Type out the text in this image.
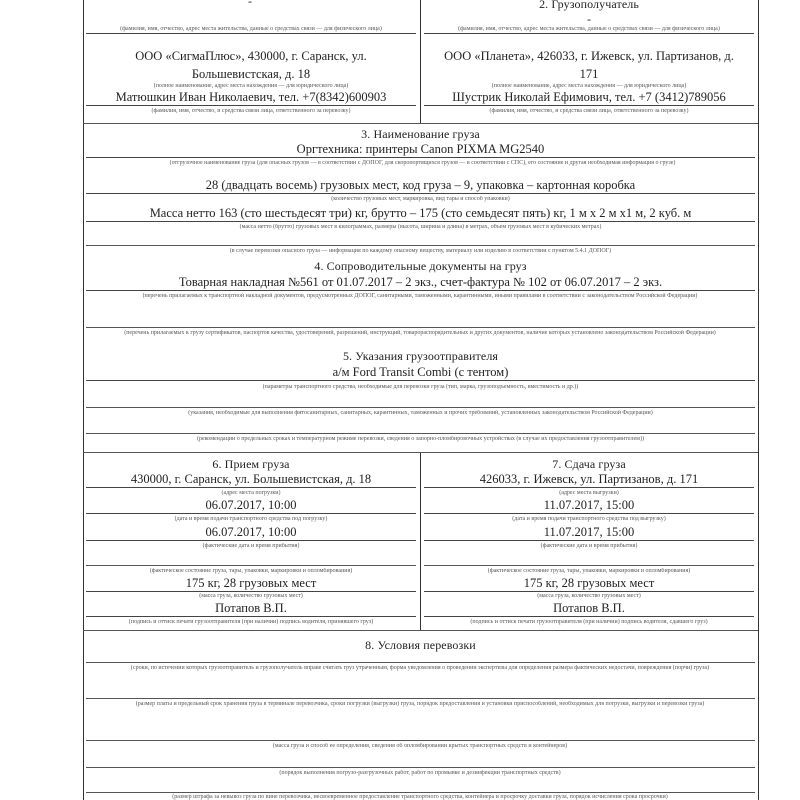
-
(фамилия, имя, отчество, адрес места жительства, данные о средствах связи — для физического лица)
ООО «СигмаПлюс», 430000, г. Саранск, ул.
Большевистская, д. 18
(полное наименование, адрес места нахождения — для юридического лица)
Матюшкин Иван Николаевич, тел. +7(8342)600903
(фамилия, имя, отчество, и средства связи лица, ответственного за перевозку)
2. Грузополучатель
-
(фамилия, имя, отчество, адрес места жительства, данные о средствах связи — для физического лица)
ООО «Планета», 426033, г. Ижевск, ул. Партизанов, д.
171
(полное наименование, адрес места нахождения — для юридического лица)
Шустрик Николай Ефимович, тел. +7 (3412)789056
(фамилия, имя, отчество, и средства связи лица, ответственного за перевозку)
3. Наименование груза
Оргтехника: принтеры Canon PIXMA MG2540
(отгрузочное наименование груза (для опасных грузов — в соответствии с ДОПОГ, для скоропортящихся грузов — в соответствии с СПС), его состояние и другая необходимая информация о грузе)
28 (двадцать восемь) грузовых мест, код груза – 9, упаковка – картонная коробка
(количество грузовых мест, маркировка, вид тары и способ упаковки)
Масса нетто 163 (сто шестьдесят три) кг, брутто – 175 (сто семьдесят пять) кг, 1 м х 2 м х1 м, 2 куб. м
(масса нетто (брутто) грузовых мест в килограммах, размеры (высота, ширина и длина) в метрах, объем грузовых мест в кубических метрах)
(в случае перевозки опасного груза — информация по каждому опасному веществу, материалу или изделию в соответствии с пунктом 5.4.1 ДОПОГ)
4. Сопроводительные документы на груз
Товарная накладная №561 от 01.07.2017 – 2 экз., счет-фактура № 102 от 06.07.2017 – 2 экз.
(перечень прилагаемых к транспортной накладной документов, предусмотренных ДОПОГ, санитарными, таможенными, карантинными, иными правилами в соответствии с законодательством Российской Федерации)
(перечень прилагаемых к грузу сертификатов, паспортов качества, удостоверений, разрешений, инструкций, товарораспорядительных и других документов, наличие которых установлено законодательством Российской Федерации)
5. Указания грузоотправителя
а/м Ford Transit Combi (с тентом)
(параметры транспортного средства, необходимые для перевозки груза (тип, марка, грузоподъемность, вместимость и др.))
(указания, необходимые для выполнения фитосанитарных, санитарных, карантинных, таможенных и прочих требований, установленных законодательством Российской Федерации)
(рекомендации о предельных сроках и температурном режиме перевозки, сведения о запорно-пломбировочных устройствах (в случае их предоставления грузоотправителем))
6. Прием груза
430000, г. Саранск, ул. Большевистская, д. 18
(адрес места погрузки)
06.07.2017, 10:00
(дата и время подачи транспортного средства под погрузку)
06.07.2017, 10:00
(фактические дата и время прибытия)
(фактическое состояние груза, тары, упаковки, маркировки и опломбирования)
175 кг, 28 грузовых мест
(масса груза, количество грузовых мест)
Потапов В.П.
(подпись и оттиск печати грузоотправителя (при наличии) подпись водителя, принявшего груз)
7. Сдача груза
426033, г. Ижевск, ул. Партизанов, д. 171
(адрес места выгрузки)
11.07.2017, 15:00
(дата и время подачи транспортного средства под выгрузку)
11.07.2017, 15:00
(фактические дата и время прибытия)
(фактическое состояние груза, тары, упаковки, маркировки и опломбирования)
175 кг, 28 грузовых мест
(масса груза, количество грузовых мест)
Потапов В.П.
(подпись и оттиск печати грузоотправителя (при наличии) подпись водителя, сдавшего груз)
8. Условия перевозки
(сроки, по истечении которых грузоотправитель и грузополучатель вправе считать груз утраченным, форма уведомления о проведении экспертизы для определения размера фактических недостачи, повреждения (порчи) груза)
(размер платы и предельный срок хранения груза в терминале перевозчика, сроки погрузки (выгрузки) груза, порядок предоставления и установки приспособлений, необходимых для погрузки, выгрузки и перевозки груза)
(масса груза и способ ее определения, сведения об опломбировании крытых транспортных средств и контейнеров)
(порядок выполнения погрузо-разгрузочных работ, работ по промывке и дезинфекции транспортных средств)
(размер штрафа за невывоз груза по вине перевозчика, несвоевременное предоставление транспортного средства, контейнера и просрочку доставки груза, порядок исчисления срока просрочки)
